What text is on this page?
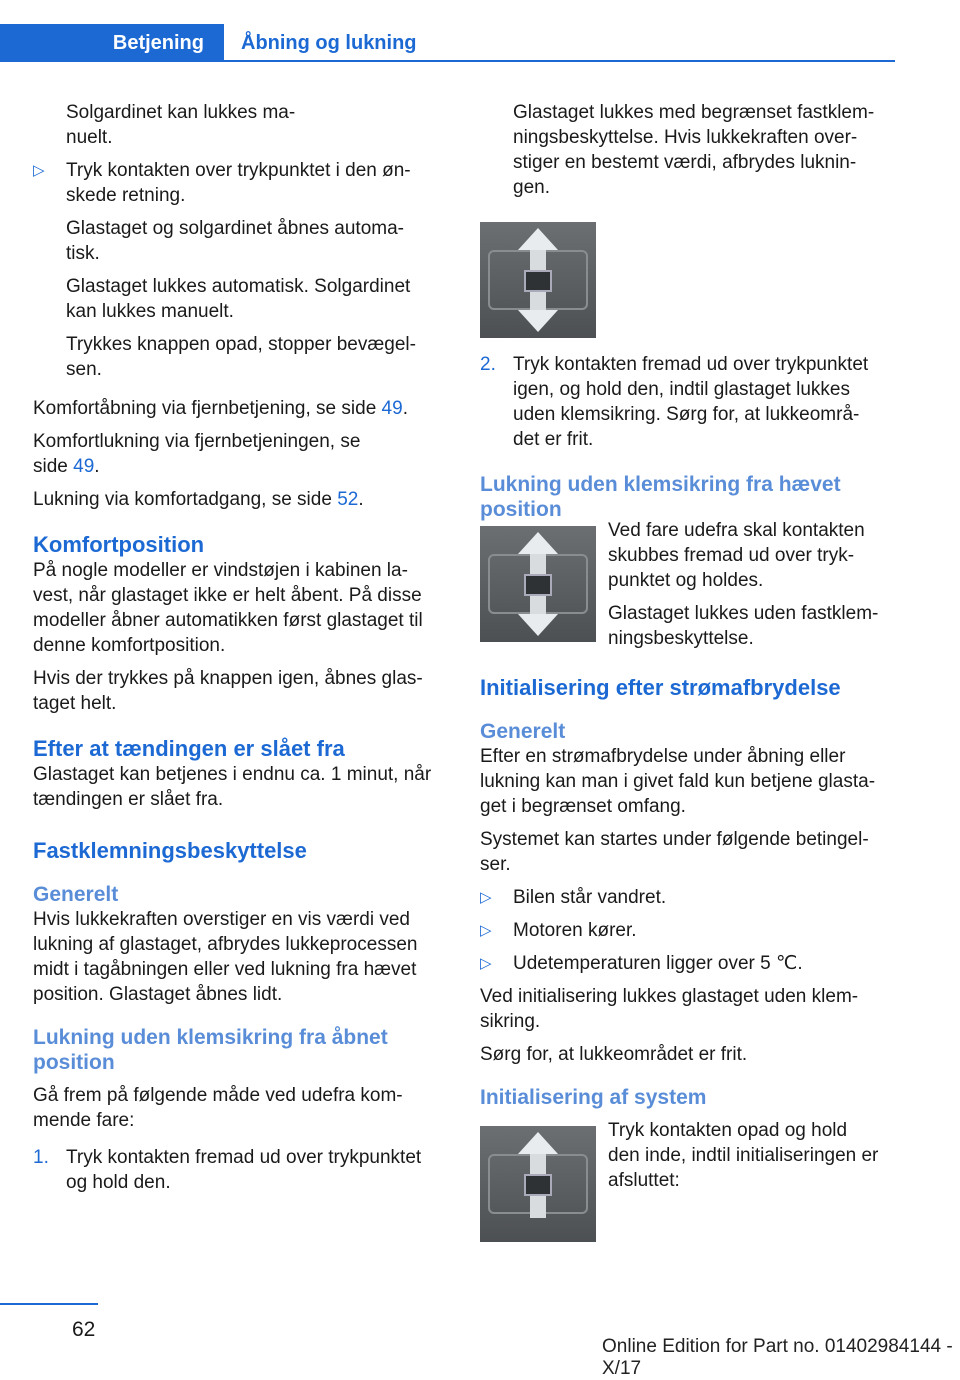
Betjening	Åbning og lukning

Solgardinet kan lukkes ma-
nuelt.

▷	Tryk kontakten over trykpunktet i den øn-
skede retning.

Glastaget og solgardinet åbnes automa-
tisk.

Glastaget lukkes automatisk. Solgardinet
kan lukkes manuelt.

Trykkes knappen opad, stopper bevægel-
sen.

Komfortåbning via fjernbetjening, se side 49.

Komfortlukning via fjernbetjeningen, se
side 49.

Lukning via komfortadgang, se side 52.

Komfortposition

På nogle modeller er vindstøjen i kabinen la-
vest, når glastaget ikke er helt åbent. På disse
modeller åbner automatikken først glastaget til
denne komfortposition.

Hvis der trykkes på knappen igen, åbnes glas-
taget helt.

Efter at tændingen er slået fra

Glastaget kan betjenes i endnu ca. 1 minut, når
tændingen er slået fra.

Fastklemningsbeskyttelse
Generelt

Hvis lukkekraften overstiger en vis værdi ved
lukning af glastaget, afbrydes lukkeprocessen
midt i tagåbningen eller ved lukning fra hævet
position. Glastaget åbnes lidt.

Lukning uden klemsikring fra åbnet
position

Gå frem på følgende måde ved udefra kom-
mende fare:

1. Tryk kontakten fremad ud over trykpunktet
og hold den.

Glastaget lukkes med begrænset fastklem-
ningsbeskyttelse. Hvis lukkekraften over-
stiger en bestemt værdi, afbrydes luknin-
gen.

2. Tryk kontakten fremad ud over trykpunktet
igen, og hold den, indtil glastaget lukkes
uden klemsikring. Sørg for, at lukkeområ-
det er frit.
Lukning uden klemsikring fra hævet
position

Ved fare udefra skal kontakten
skubbes fremad ud over tryk-
punktet og holdes.

Glastaget lukkes uden fastklem-
ningsbeskyttelse.

Initialisering efter strømafbrydelse
Generelt

Efter en strømafbrydelse under åbning eller
lukning kan man i givet fald kun betjene glasta-
get i begrænset omfang.

Systemet kan startes under følgende betingel-
ser.

▷	Bilen står vandret.
▷	Motoren kører.
▷	Udetemperaturen ligger over 5 ℃.

Ved initialisering lukkes glastaget uden klem-
sikring.

Sørg for, at lukkeområdet er frit.

Initialisering af system

Tryk kontakten opad og hold
den inde, indtil initialiseringen er
afsluttet:

62
Online Edition for Part no. 01402984144 - X/17
